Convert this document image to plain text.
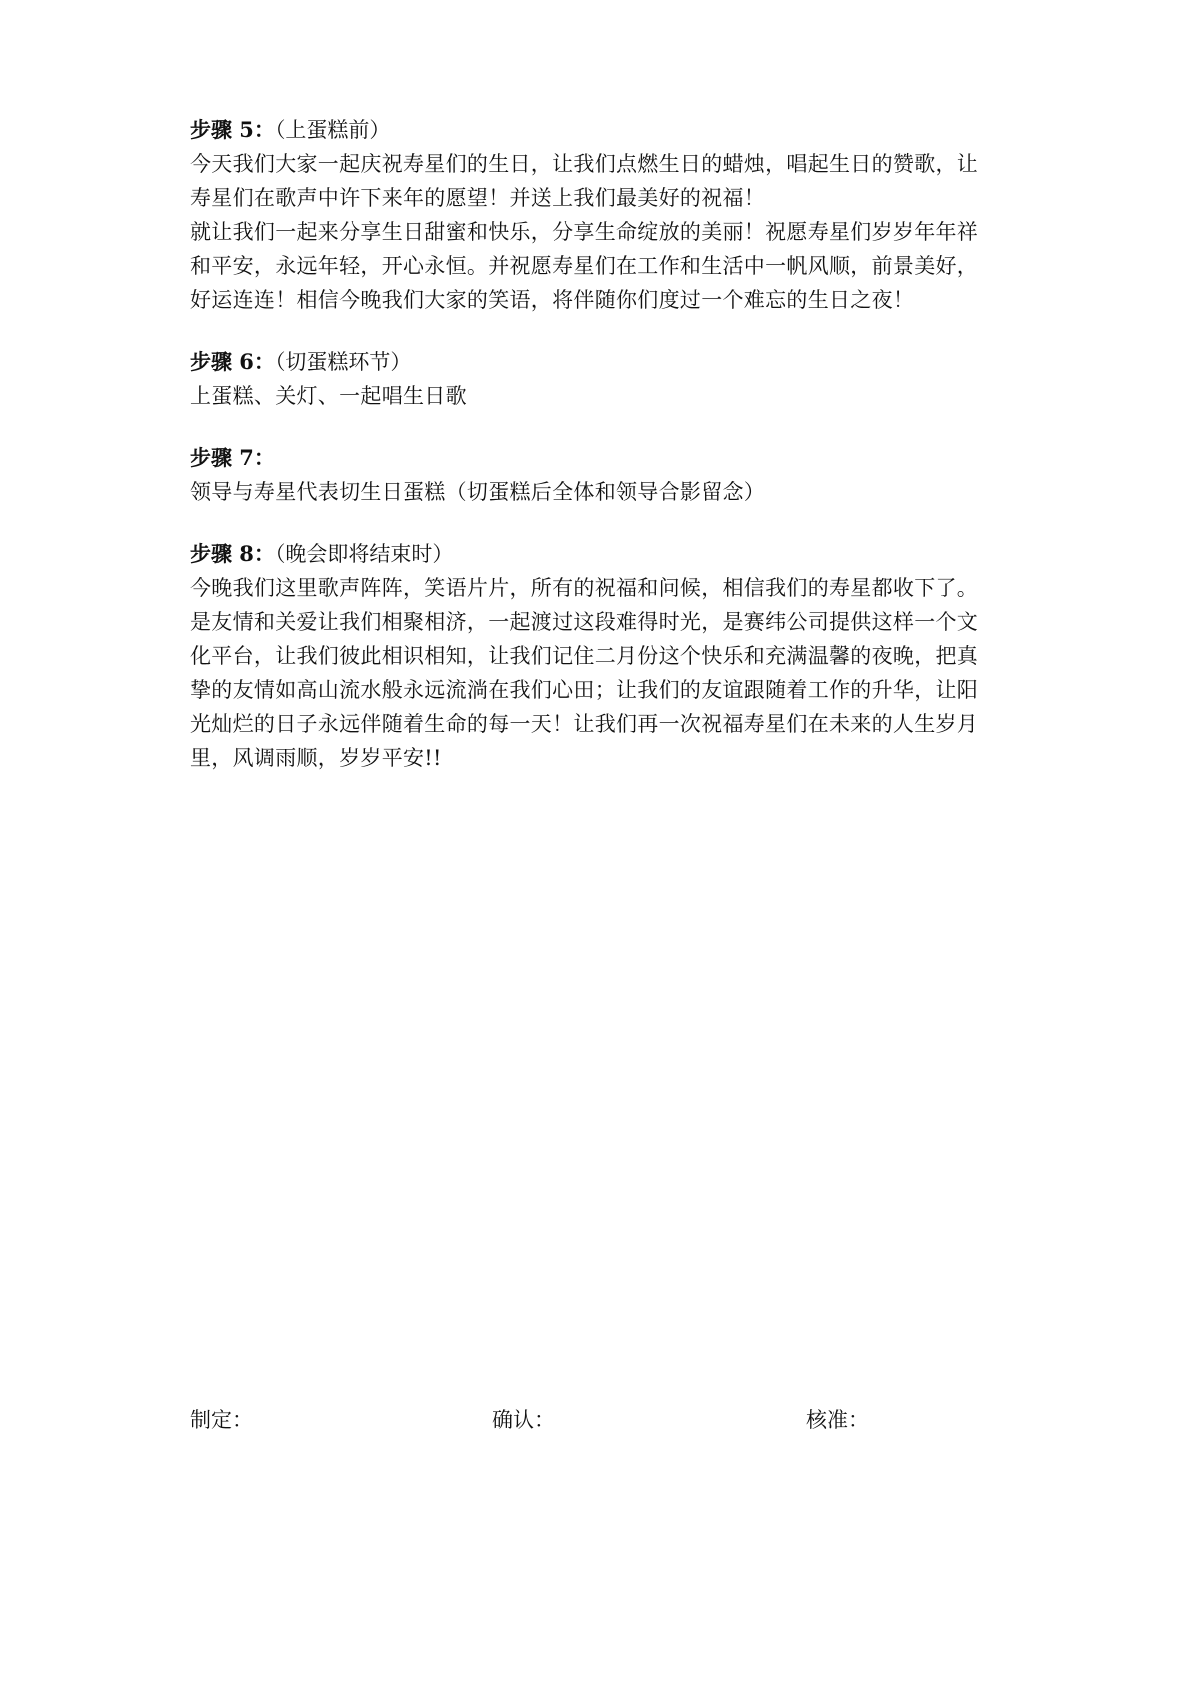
步骤 5：（上蛋糕前）
今天我们大家一起庆祝寿星们的生日，让我们点燃生日的蜡烛，唱起生日的赞歌，让
寿星们在歌声中许下来年的愿望！并送上我们最美好的祝福！
就让我们一起来分享生日甜蜜和快乐，分享生命绽放的美丽！祝愿寿星们岁岁年年祥
和平安，永远年轻，开心永恒。并祝愿寿星们在工作和生活中一帆风顺，前景美好，
好运连连！相信今晚我们大家的笑语，将伴随你们度过一个难忘的生日之夜！
步骤 6：（切蛋糕环节）
上蛋糕、关灯、一起唱生日歌
步骤 7：
领导与寿星代表切生日蛋糕（切蛋糕后全体和领导合影留念）
步骤 8：（晚会即将结束时）
今晚我们这里歌声阵阵，笑语片片，所有的祝福和问候，相信我们的寿星都收下了。
是友情和关爱让我们相聚相济，一起渡过这段难得时光，是赛纬公司提供这样一个文
化平台，让我们彼此相识相知，让我们记住二月份这个快乐和充满温馨的夜晚，把真
挚的友情如高山流水般永远流淌在我们心田；让我们的友谊跟随着工作的升华，让阳
光灿烂的日子永远伴随着生命的每一天！让我们再一次祝福寿星们在未来的人生岁月
里，风调雨顺，岁岁平安!!
制定：	确认：	核准：
